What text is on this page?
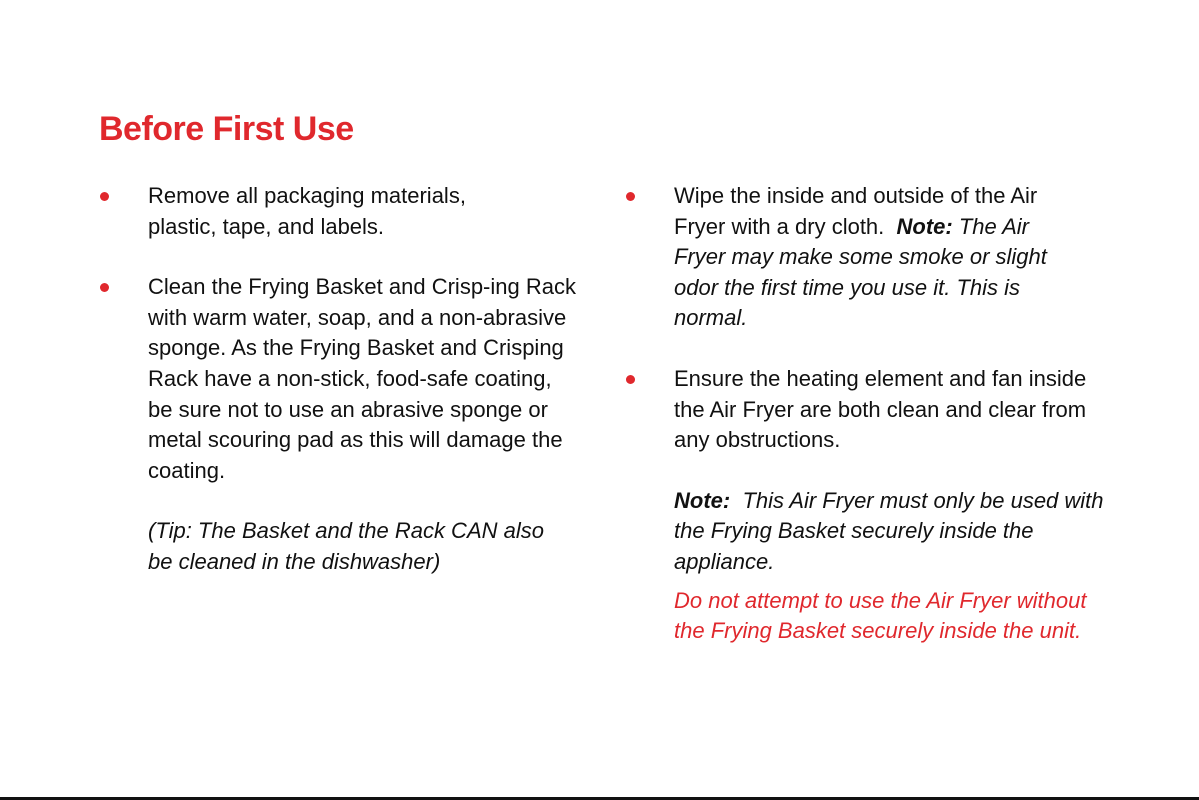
Before First Use
Remove all packaging materials, plastic, tape, and labels.
Clean the Frying Basket and Crisp-ing Rack with warm water, soap, and a non-abrasive sponge. As the Frying Basket and Crisping Rack have a non-stick, food-safe coating, be sure not to use an abrasive sponge or metal scouring pad as this will damage the coating.
(Tip: The Basket and the Rack CAN also be cleaned in the dishwasher)
Wipe the inside and outside of the Air Fryer with a dry cloth. Note: The Air Fryer may make some smoke or slight odor the first time you use it. This is normal.
Ensure the heating element and fan inside the Air Fryer are both clean and clear from any obstructions.
Note: This Air Fryer must only be used with the Frying Basket securely inside the appliance.
Do not attempt to use the Air Fryer without the Frying Basket securely inside the unit.
